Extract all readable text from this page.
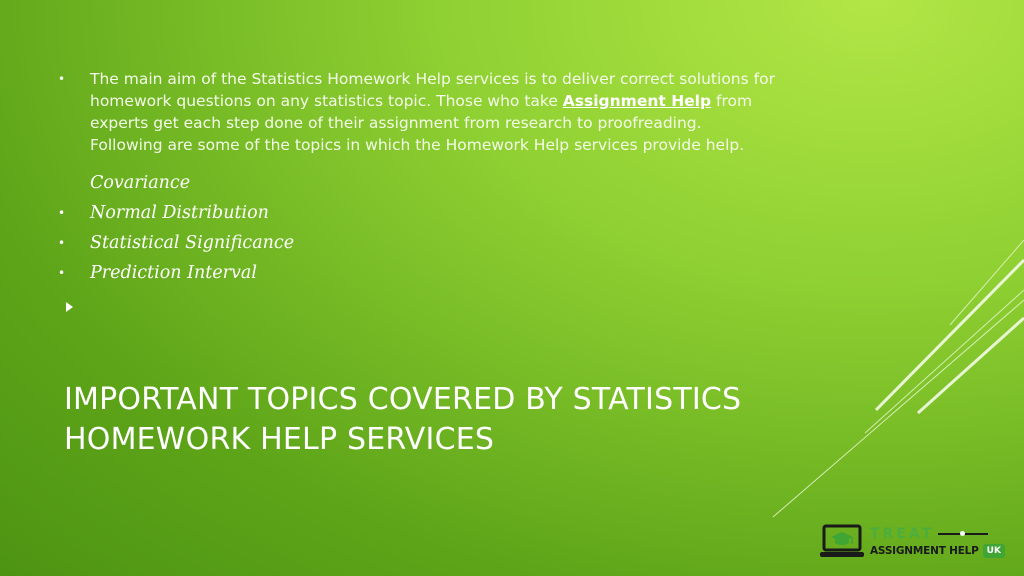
•	The main aim of the Statistics Homework Help services is to deliver correct solutions for homework questions on any statistics topic. Those who take Assignment Help from experts get each step done of their assignment from research to proofreading. Following are some of the topics in which the Homework Help services provide help.
Covariance
•	Normal Distribution
•	Statistical Significance
•	Prediction Interval
IMPORTANT TOPICS COVERED BY STATISTICS HOMEWORK HELP SERVICES
TREAT
ASSIGNMENT HELP UK
